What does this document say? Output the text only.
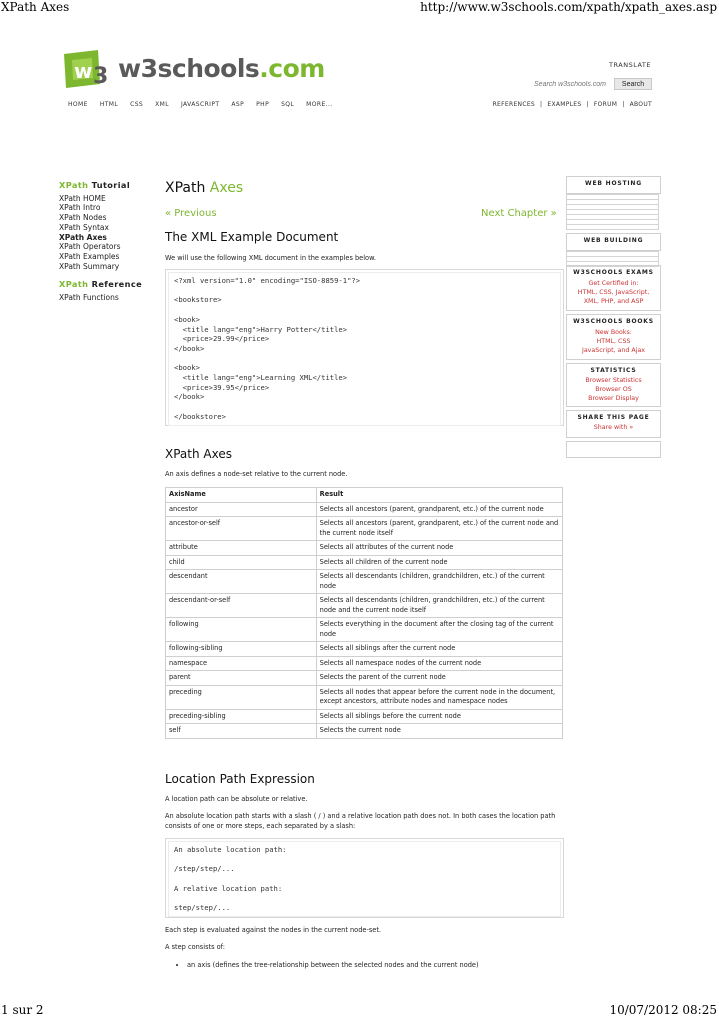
XPath Axes	http://www.w3schools.com/xpath/xpath_axes.asp
w 3 w3schools.com	TRANSLATE
Search w3schools.com
Search
HOME HTML CSS XML JAVASCRIPT ASP PHP SQL MORE...	REFERENCES | EXAMPLES | FORUM | ABOUT
XPath Tutorial
XPath HOME
XPath Intro
XPath Nodes
XPath Syntax
XPath Axes
XPath Operators
XPath Examples
XPath Summary
XPath Reference
XPath Functions
XPath Axes
« Previous	Next Chapter »
The XML Example Document
We will use the following XML document in the examples below.
<?xml version="1.0" encoding="ISO-8859-1"?>

<bookstore>

<book>
<title lang="eng">Harry Potter</title>
<price>29.99</price>
</book>

<book>
<title lang="eng">Learning XML</title>
<price>39.95</price>
</book>

</bookstore>
XPath Axes
An axis defines a node-set relative to the current node.
AxisName	Result
ancestor	Selects all ancestors (parent, grandparent, etc.) of the current node
ancestor-or-self	Selects all ancestors (parent, grandparent, etc.) of the current node and the current node itself
attribute	Selects all attributes of the current node
child	Selects all children of the current node
descendant	Selects all descendants (children, grandchildren, etc.) of the current node
descendant-or-self	Selects all descendants (children, grandchildren, etc.) of the current node and the current node itself
following	Selects everything in the document after the closing tag of the current node
following-sibling	Selects all siblings after the current node
namespace	Selects all namespace nodes of the current node
parent	Selects the parent of the current node
preceding	Selects all nodes that appear before the current node in the document, except ancestors, attribute nodes and namespace nodes
preceding-sibling	Selects all siblings before the current node
self	Selects the current node
Location Path Expression
A location path can be absolute or relative.
An absolute location path starts with a slash ( / ) and a relative location path does not. In both cases the location path consists of one or more steps, each separated by a slash:
An absolute location path:

/step/step/...

A relative location path:

step/step/...
Each step is evaluated against the nodes in the current node-set.
A step consists of:
• an axis (defines the tree-relationship between the selected nodes and the current node)
WEB HOSTING
WEB BUILDING
W3SCHOOLS EXAMS
Get Certified in:
HTML, CSS, JavaScript,
XML, PHP, and ASP
W3SCHOOLS BOOKS
New Books:
HTML, CSS
JavaScript, and Ajax
STATISTICS
Browser Statistics
Browser OS
Browser Display
SHARE THIS PAGE
Share with »
1 sur 2	10/07/2012 08:25
